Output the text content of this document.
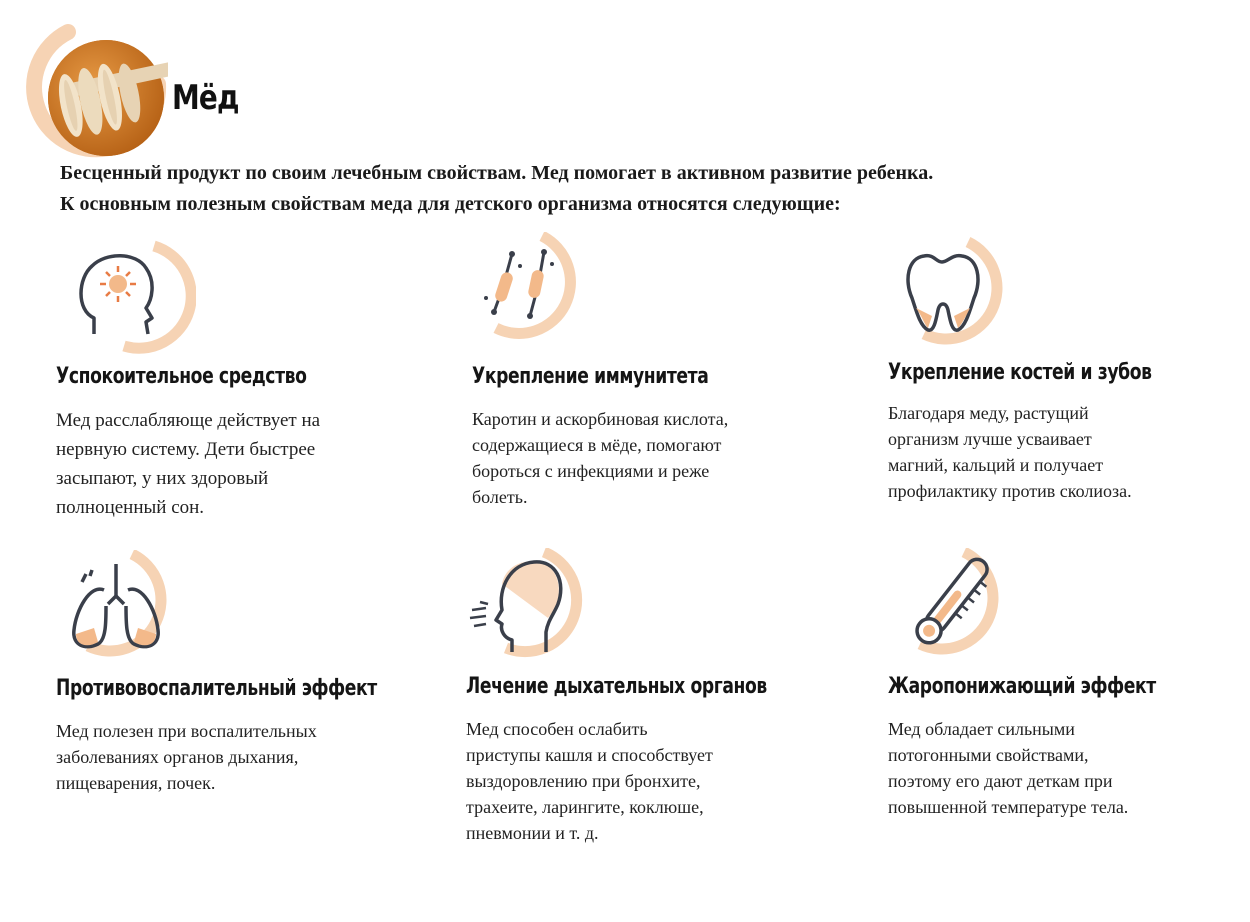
Мёд
Бесценный продукт по своим лечебным свойствам. Мед помогает в активном развитие ребенка.
К основным полезным свойствам меда для детского организма относятся следующие:
Успокоительное средство
Мед расслабляюще действует на
нервную систему. Дети быстрее
засыпают, у них здоровый
полноценный сон.
Укрепление иммунитета
Каротин и аскорбиновая кислота,
содержащиеся в мёде, помогают
бороться с инфекциями и реже
болеть.
Укрепление костей и зубов
Благодаря меду, растущий
организм лучше усваивает
магний, кальций и получает
профилактику против сколиоза.
Противовоспалительный эффект
Мед полезен при воспалительных
заболеваниях органов дыхания,
пищеварения, почек.
Лечение дыхательных органов
Мед способен ослабить
приступы кашля и способствует
выздоровлению при бронхите,
трахеите, ларингите, коклюше,
пневмонии и т. д.
Жаропонижающий эффект
Мед обладает сильными
потогонными свойствами,
поэтому его дают деткам при
повышенной температуре тела.
